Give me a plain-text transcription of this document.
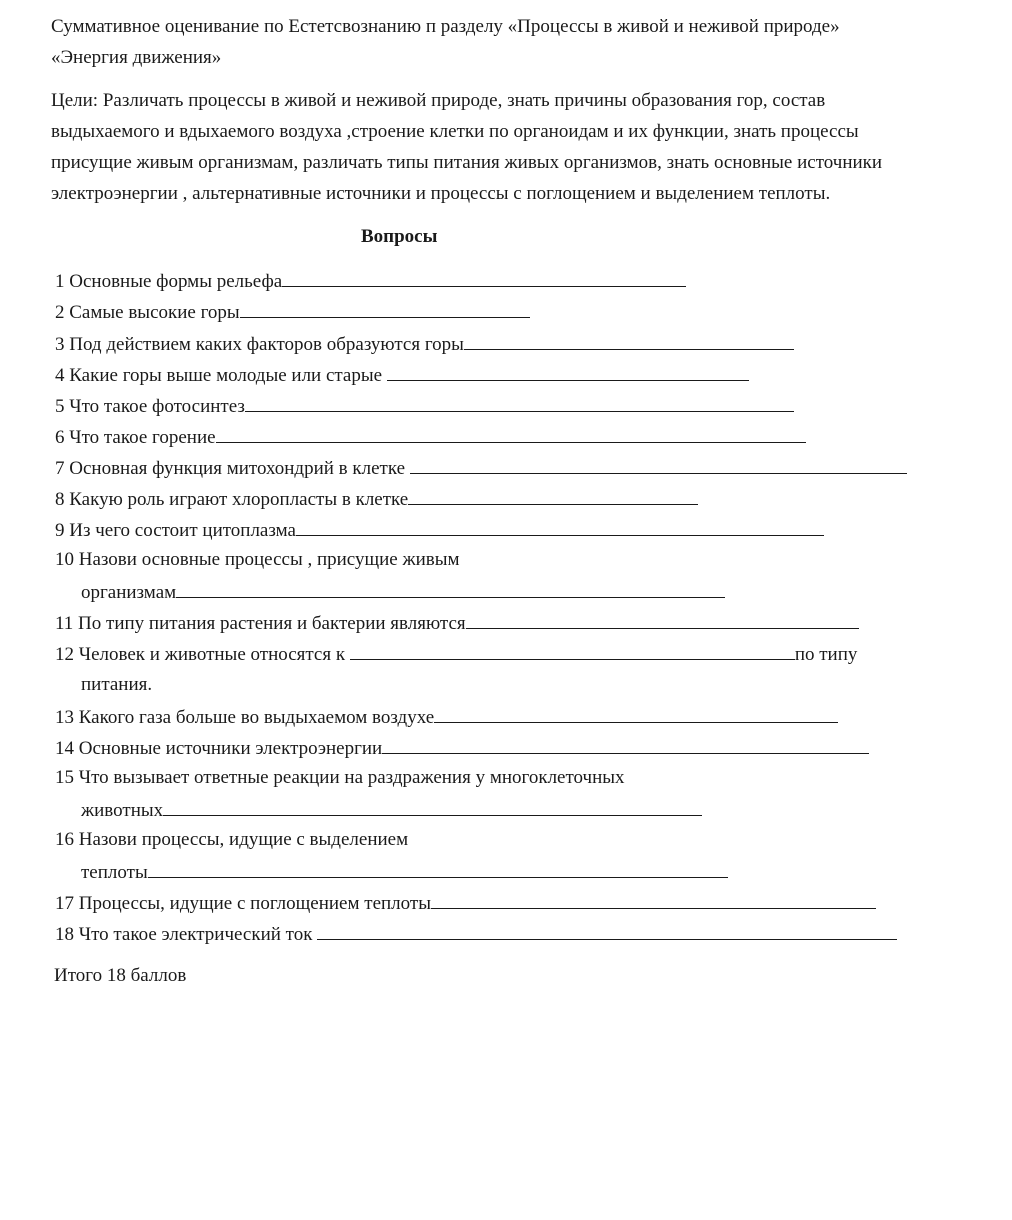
Суммативное оценивание по Естетсвознанию п разделу «Процессы в живой и неживой природе»
«Энергия движения»
Цели: Различать процессы в живой и неживой природе, знать причины образования гор, состав
выдыхаемого и вдыхаемого воздуха ,строение клетки по органоидам и их функции, знать процессы
присущие живым организмам, различать типы питания живых организмов, знать основные источники
электроэнергии , альтернативные источники и процессы с поглощением и выделением теплоты.
Вопросы
1 Основные формы рельефа
2 Самые высокие горы
3 Под действием каких факторов образуются горы
4 Какие горы выше молодые или старые
5 Что такое фотосинтез
6 Что такое горение
7 Основная функция митохондрий в клетке
8 Какую роль играют хлоропласты в клетке
9 Из чего состоит цитоплазма
10 Назови основные процессы , присущие живым
организмам
11 По типу питания растения и бактерии являются
12 Человек и животные относятся к	по типу
питания.
13 Какого газа больше во выдыхаемом воздухе
14 Основные источники электроэнергии
15 Что вызывает ответные реакции на раздражения у многоклеточных
животных
16 Назови процессы, идущие с выделением
теплоты
17 Процессы, идущие с поглощением теплоты
18 Что такое электрический ток
Итого 18 баллов
